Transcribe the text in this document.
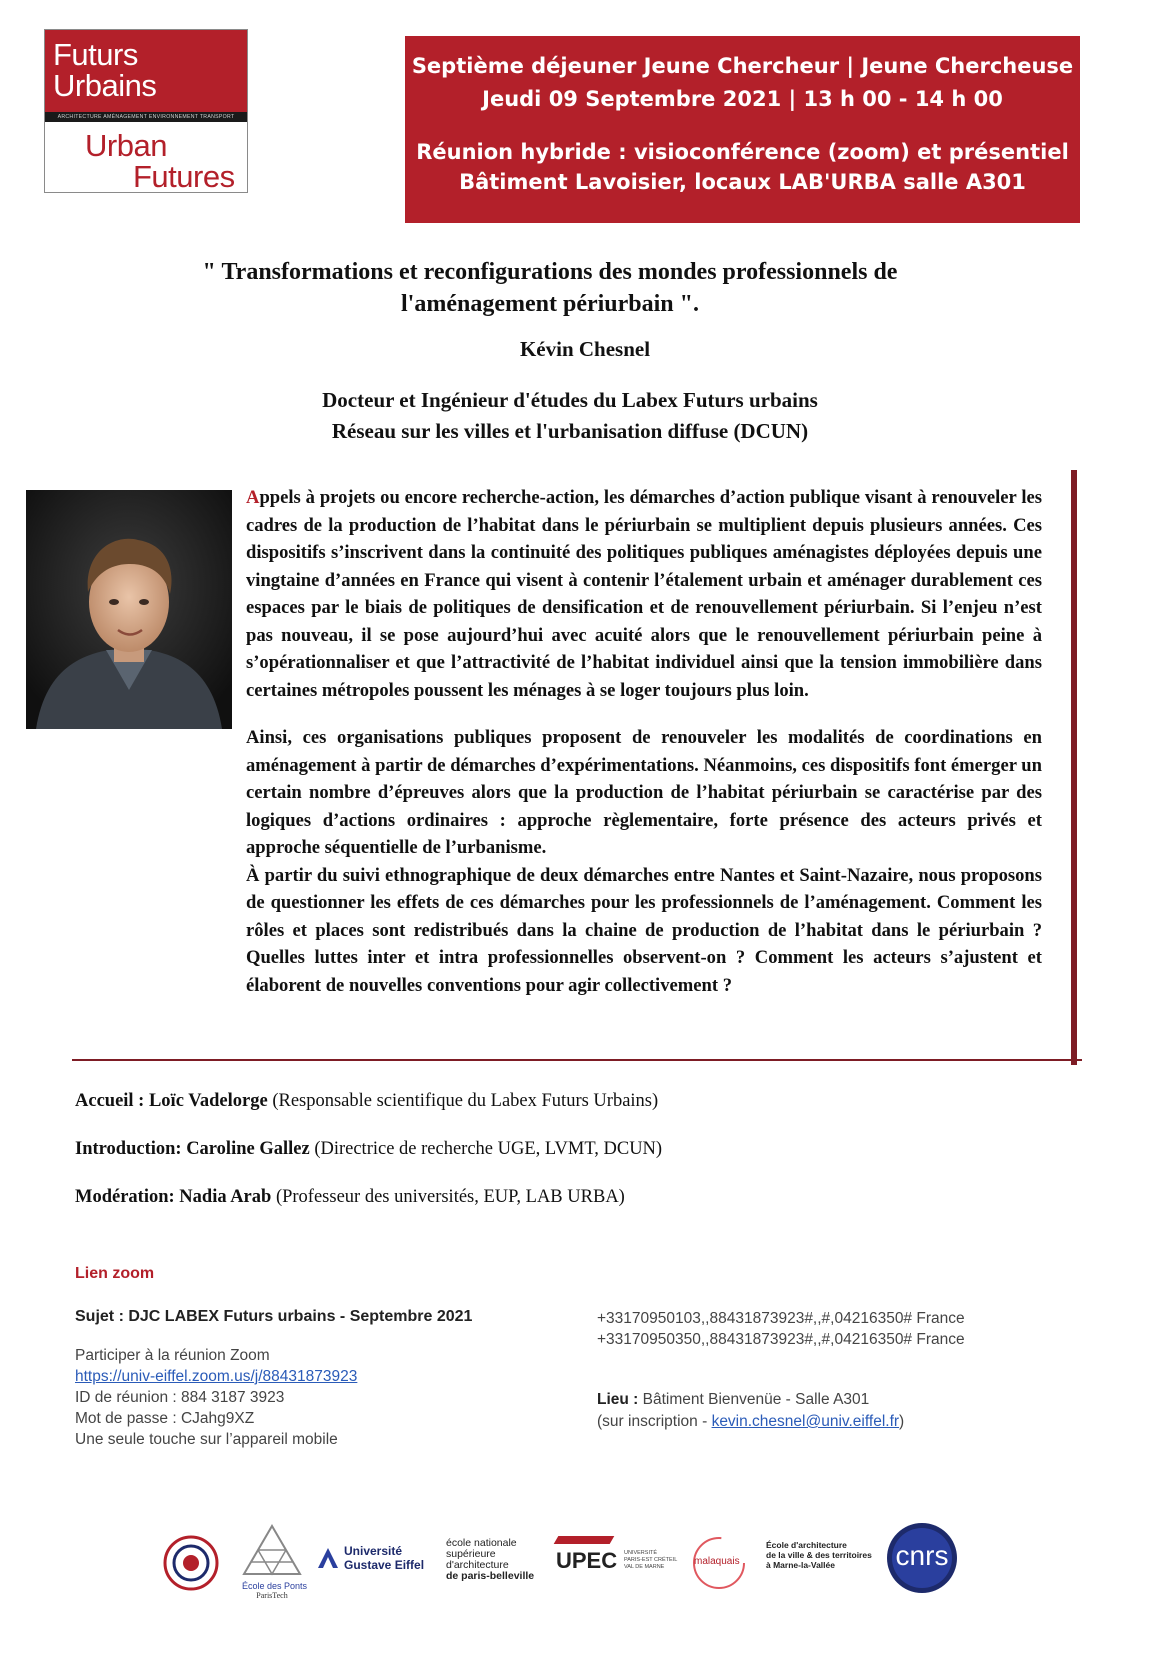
Futurs
Urbains
ARCHITECTURE AMÉNAGEMENT ENVIRONNEMENT TRANSPORT
Urban
Futures
Septième déjeuner Jeune Chercheur | Jeune Chercheuse
Jeudi 09 Septembre 2021 | 13 h 00 - 14 h 00
Réunion hybride : visioconférence (zoom) et présentiel
Bâtiment Lavoisier, locaux LAB'URBA salle A301
" Transformations et reconfigurations des mondes professionnels de
l'aménagement périurbain ".
Kévin Chesnel
Docteur et Ingénieur d'études du Labex Futurs urbains
Réseau sur les villes et l'urbanisation diffuse (DCUN)

Appels à projets ou encore recherche-action, les démarches d’action publique visant à renouveler les cadres de la production de l’habitat dans le périurbain se multiplient depuis plusieurs années. Ces dispositifs s’inscrivent dans la continuité des politiques publiques aménagistes déployées depuis une vingtaine d’années en France qui visent à contenir l’étalement urbain et aménager durablement ces espaces par le biais de politiques de densification et de renouvellement périurbain. Si l’enjeu n’est pas nouveau, il se pose aujourd’hui avec acuité alors que le renouvellement périurbain peine à s’opérationnaliser et que l’attractivité de l’habitat individuel ainsi que la tension immobilière dans certaines métropoles poussent les ménages à se loger toujours plus loin.

Ainsi, ces organisations publiques proposent de renouveler les modalités de coordinations en aménagement à partir de démarches d’expérimentations. Néanmoins, ces dispositifs font émerger un certain nombre d’épreuves alors que la production de l’habitat périurbain se caractérise par des logiques d’actions ordinaires : approche règlementaire, forte présence des acteurs privés et approche séquentielle de l’urbanisme.

À partir du suivi ethnographique de deux démarches entre Nantes et Saint-Nazaire, nous proposons de questionner les effets de ces démarches pour les professionnels de l’aménagement. Comment les rôles et places sont redistribués dans la chaine de production de l’habitat dans le périurbain ? Quelles luttes inter et intra professionnelles observent-on ? Comment les acteurs s’ajustent et élaborent de nouvelles conventions pour agir collectivement ?

Accueil : Loïc Vadelorge (Responsable scientifique du Labex Futurs Urbains)
Introduction: Caroline Gallez (Directrice de recherche UGE, LVMT, DCUN)
Modération: Nadia Arab (Professeur des universités, EUP, LAB URBA)
Lien zoom
Sujet : DJC LABEX Futurs urbains - Septembre 2021
Participer à la réunion Zoom
https://univ-eiffel.zoom.us/j/88431873923
ID de réunion : 884 3187 3923
Mot de passe : CJahg9XZ
Une seule touche sur l’appareil mobile
+33170950103,,88431873923#,,#,04216350# France
+33170950350,,88431873923#,,#,04216350# France
Lieu : Bâtiment Bienvenüe - Salle A301
(sur inscription - kevin.chesnel@univ.eiffel.fr)
École des Ponts
ParisTech
Université
Gustave Eiffel
école nationale
supérieure
d'architecture
de paris-belleville
UPEC UNIVERSITÉ
PARIS-EST CRÉTEIL
VAL DE MARNE	malaquais
École d'architecture
de la ville & des territoires
à Marne-la-Vallée	cnrs
